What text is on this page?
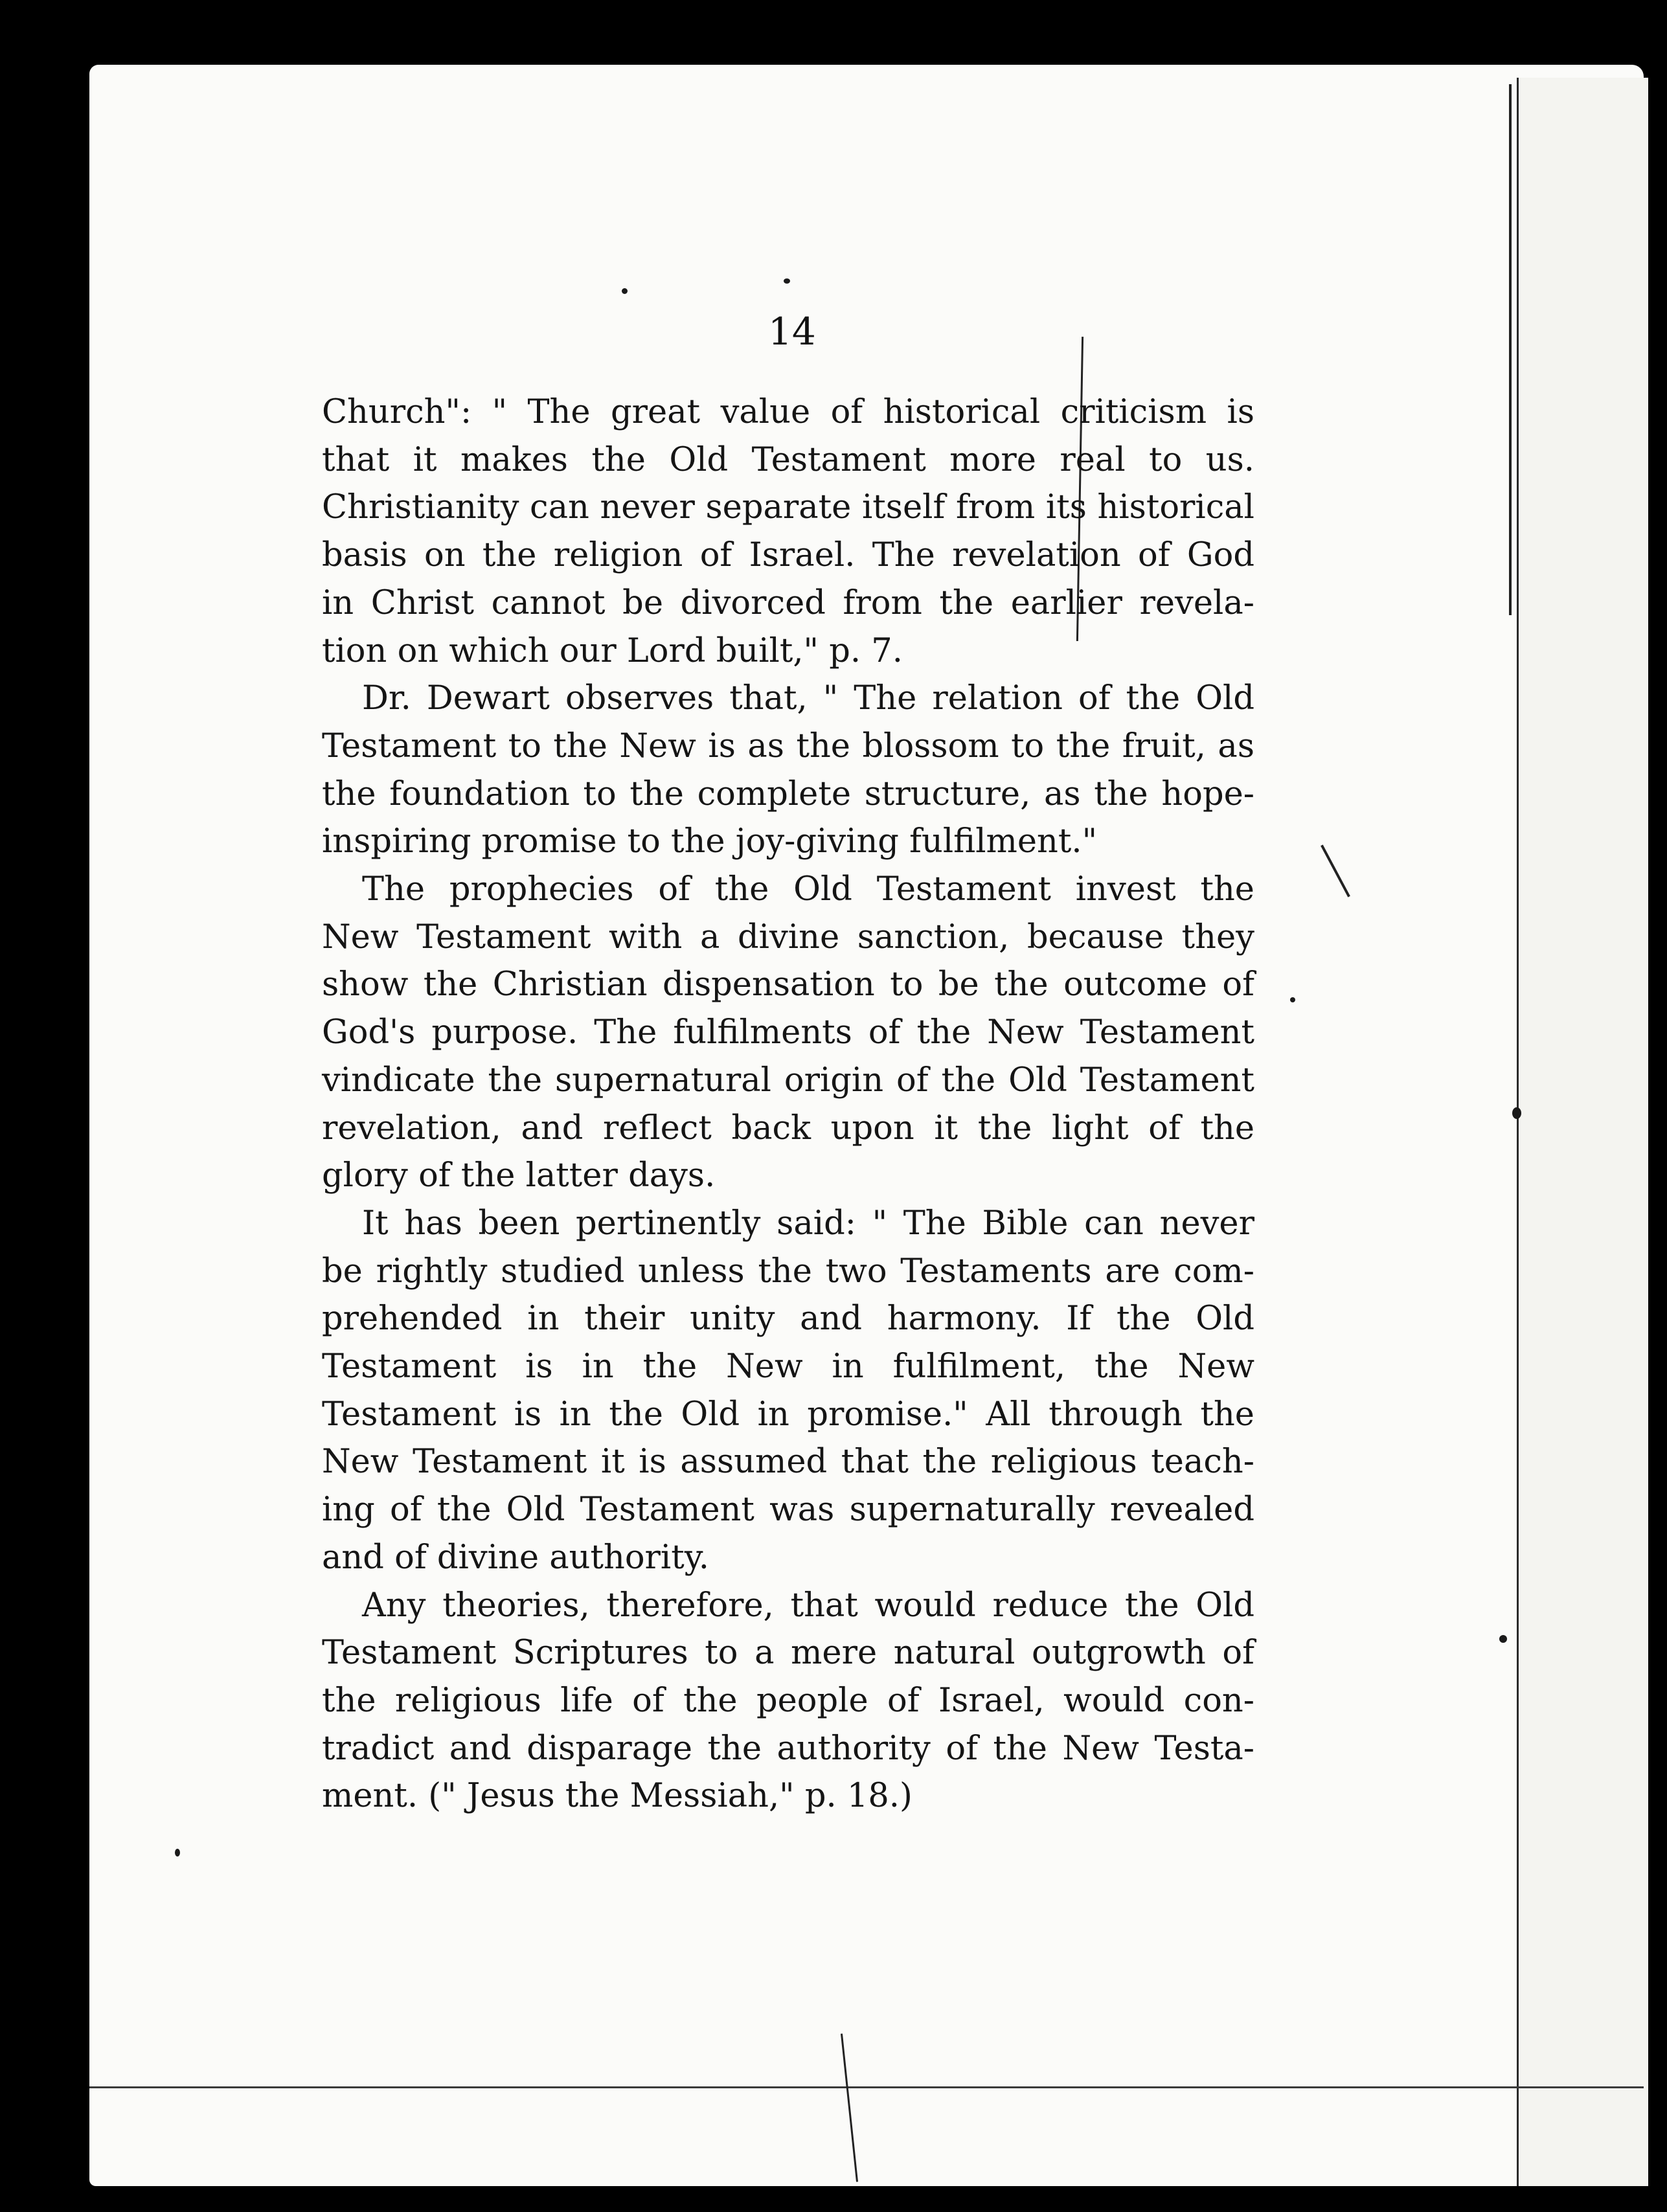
14

Church": " The great value of historical criticism is
that it makes the Old Testament more real to us.
Christianity can never separate itself from its historical
basis on the religion of Israel. The revelation of God
in Christ cannot be divorced from the earlier revela-
tion on which our Lord built," p. 7.

Dr. Dewart observes that, " The relation of the Old
Testament to the New is as the blossom to the fruit, as
the foundation to the complete structure, as the hope-
inspiring promise to the joy-giving fulfilment."

The prophecies of the Old Testament invest the
New Testament with a divine sanction, because they
show the Christian dispensation to be the outcome of
God's purpose. The fulfilments of the New Testament
vindicate the supernatural origin of the Old Testament
revelation, and reflect back upon it the light of the
glory of the latter days.

It has been pertinently said: " The Bible can never
be rightly studied unless the two Testaments are com-
prehended in their unity and harmony. If the Old
Testament is in the New in fulfilment, the New
Testament is in the Old in promise." All through the
New Testament it is assumed that the religious teach-
ing of the Old Testament was supernaturally revealed
and of divine authority.

Any theories, therefore, that would reduce the Old
Testament Scriptures to a mere natural outgrowth of
the religious life of the people of Israel, would con-
tradict and disparage the authority of the New Testa-
ment. (" Jesus the Messiah," p. 18.)
